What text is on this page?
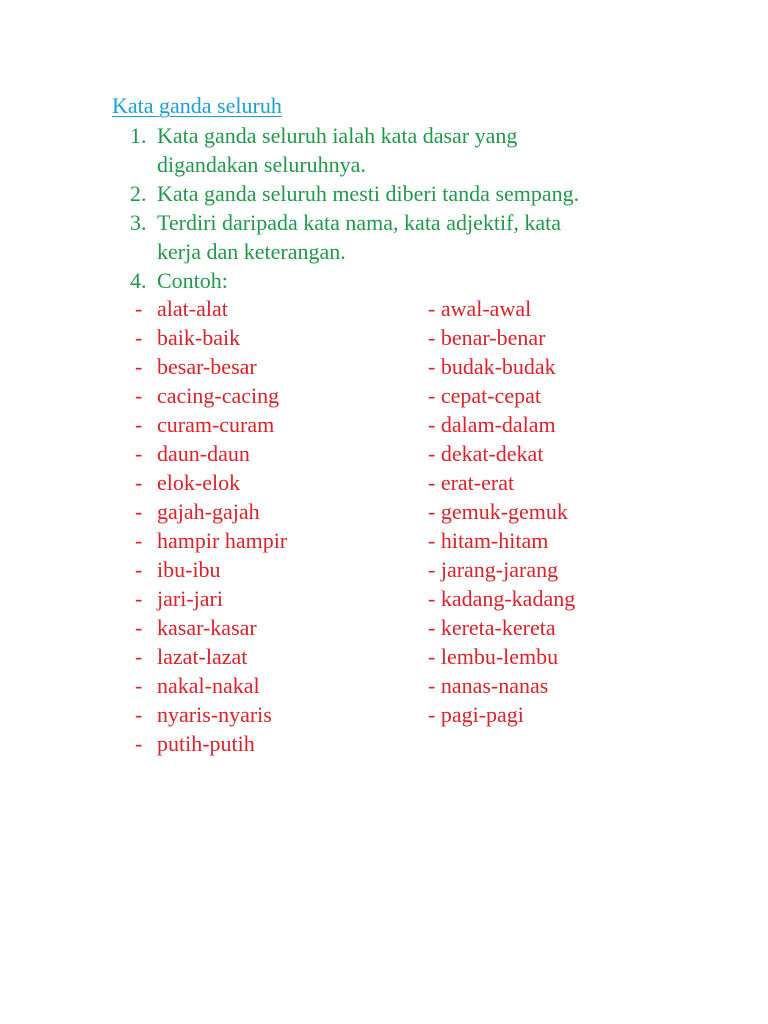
Kata ganda seluruh
1. Kata ganda seluruh ialah kata dasar yang
digandakan seluruhnya.
2. Kata ganda seluruh mesti diberi tanda sempang.
3. Terdiri daripada kata nama, kata adjektif, kata
kerja dan keterangan.
4. Contoh:
- alat-alat	- awal-awal
- baik-baik	- benar-benar
- besar-besar	- budak-budak
- cacing-cacing	- cepat-cepat
- curam-curam	- dalam-dalam
- daun-daun	- dekat-dekat
- elok-elok	- erat-erat
- gajah-gajah	- gemuk-gemuk
- hampir hampir	- hitam-hitam
- ibu-ibu	- jarang-jarang
- jari-jari	- kadang-kadang
- kasar-kasar	- kereta-kereta
- lazat-lazat	- lembu-lembu
- nakal-nakal	- nanas-nanas
- nyaris-nyaris	- pagi-pagi
- putih-putih
